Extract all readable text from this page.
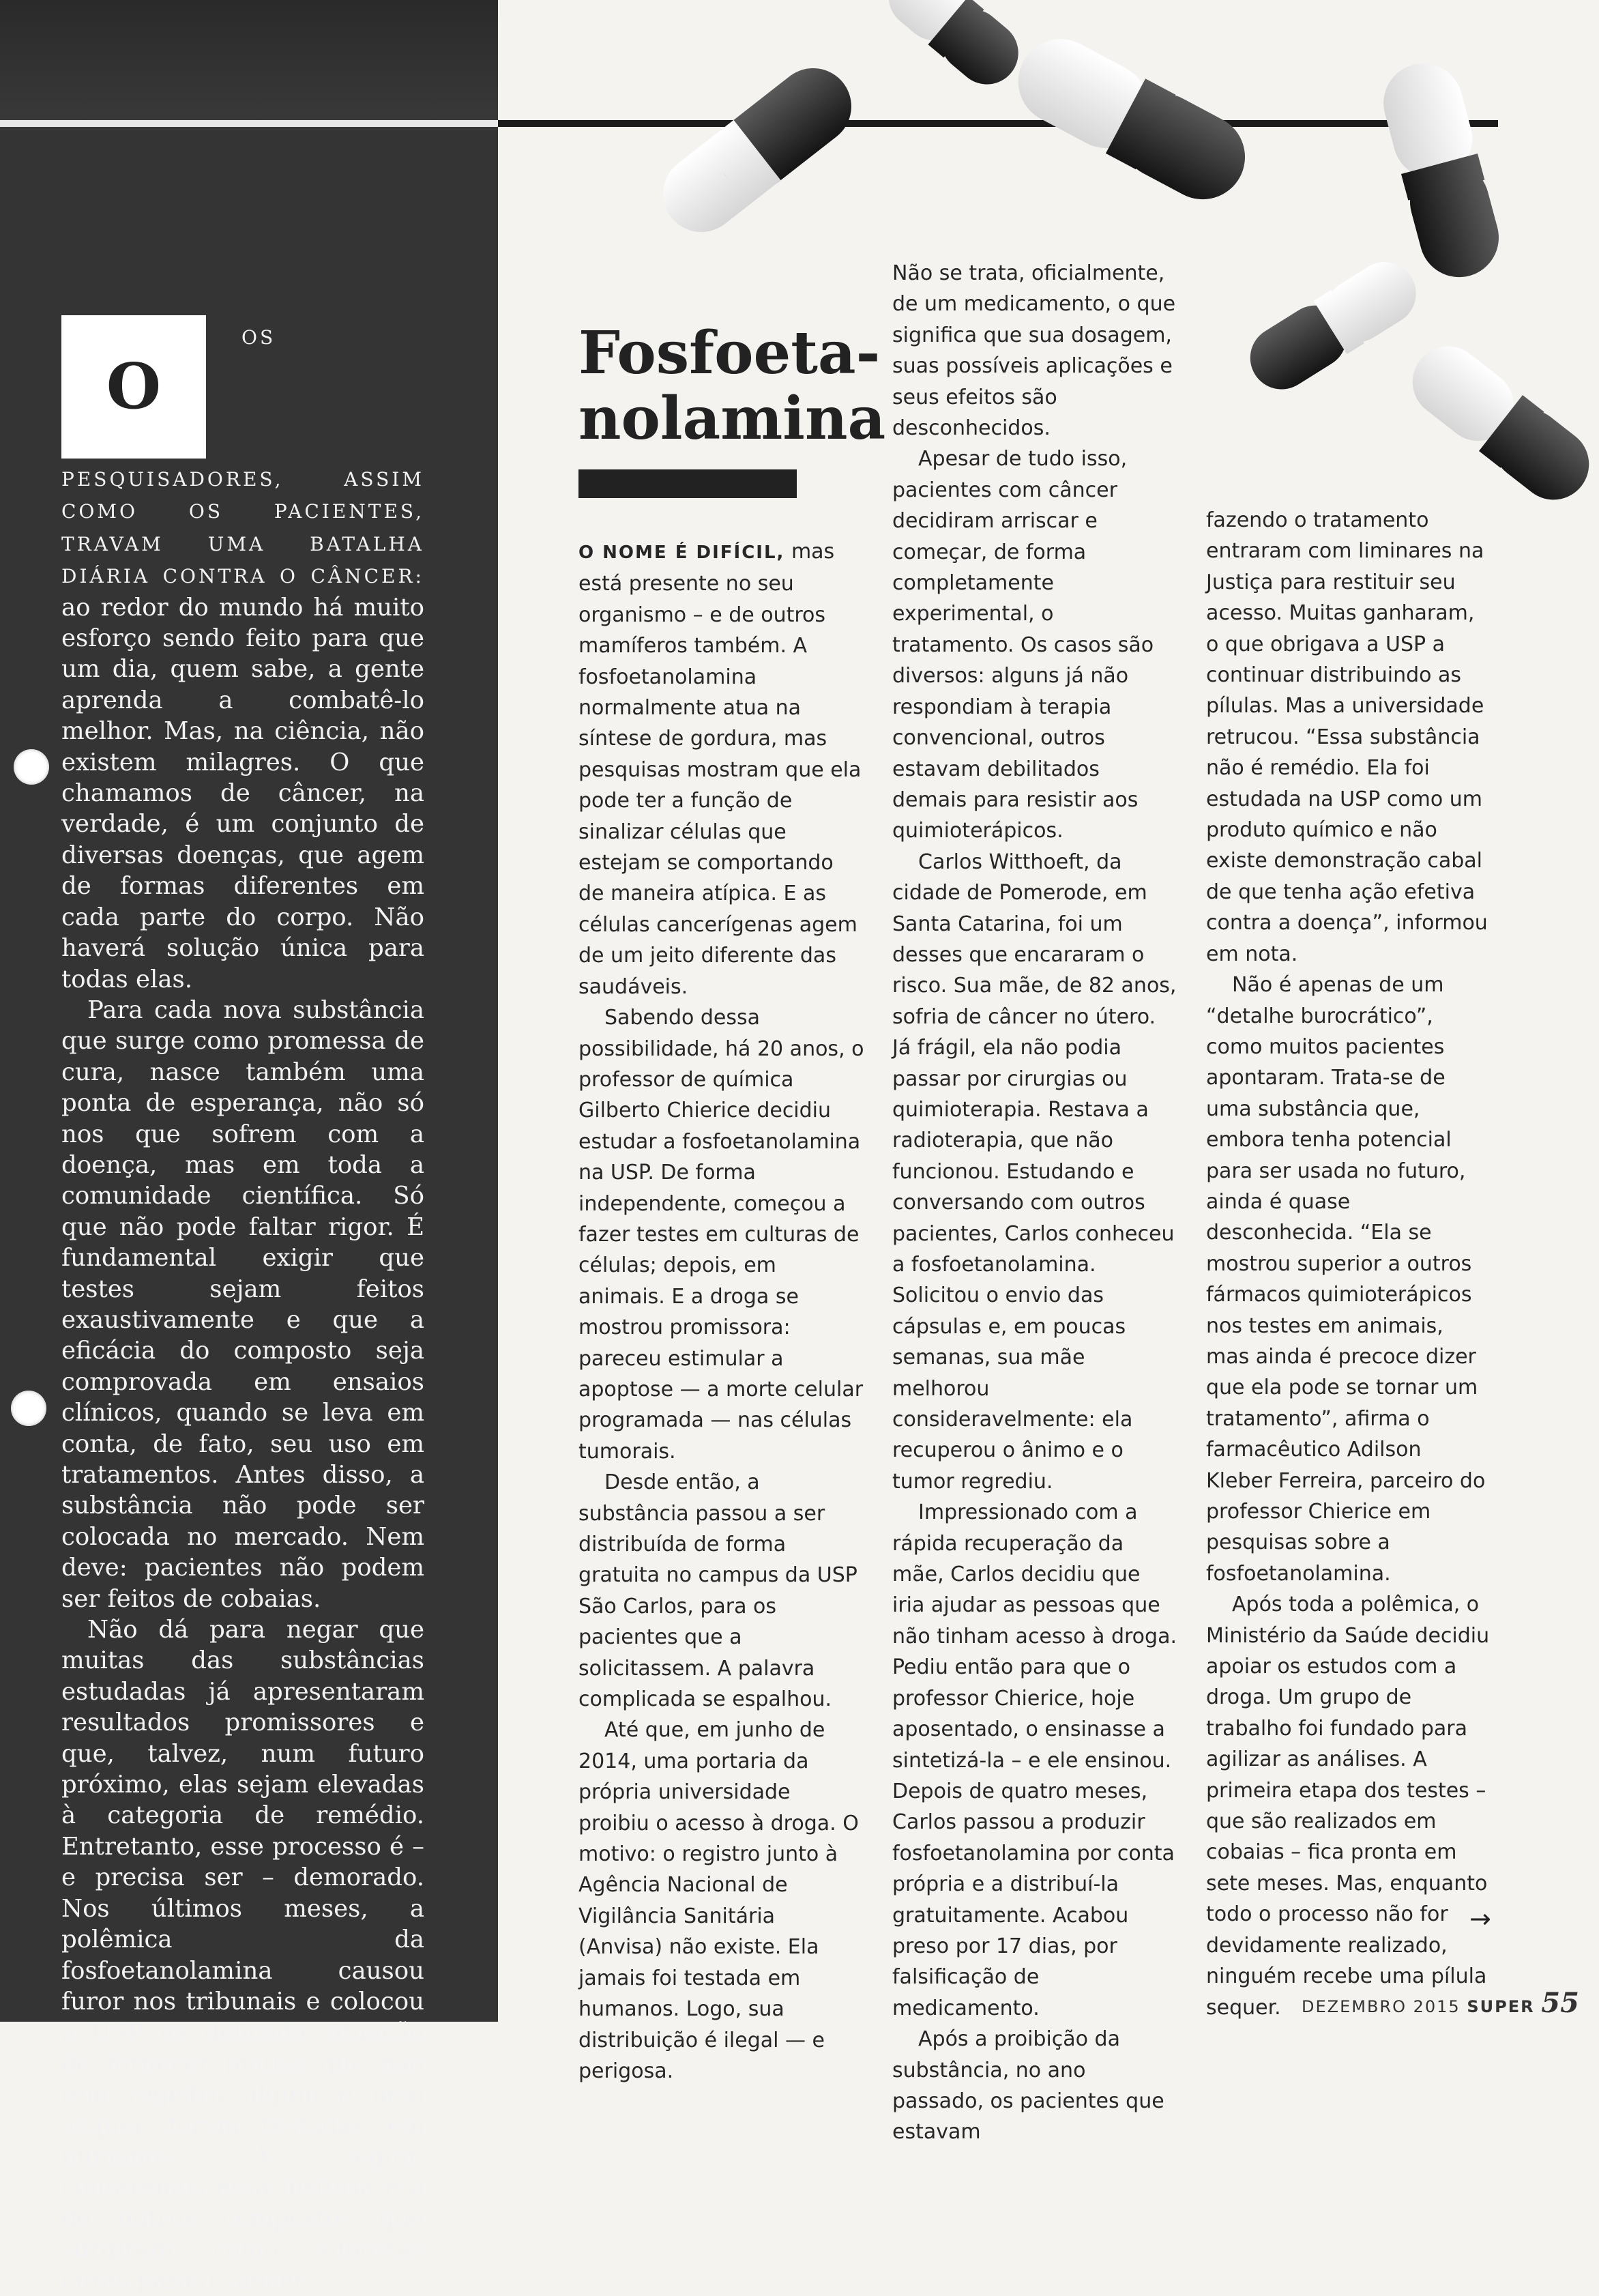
O

OS PESQUISADORES, ASSIM COMO OS PACIENTES, TRAVAM UMA BATALHA DIÁRIA CONTRA O CÂNCER: ao redor do mundo há muito esforço sendo feito para que um dia, quem sabe, a gente aprenda a combatê-lo melhor. Mas, na ciência, não existem milagres. O que chamamos de câncer, na verdade, é um conjunto de diversas doenças, que agem de formas diferentes em cada parte do corpo. Não haverá solução única para todas elas.

Para cada nova substância que surge como promessa de cura, nasce também uma ponta de esperança, não só nos que sofrem com a doença, mas em toda a comunidade científica. Só que não pode faltar rigor. É fundamental exigir que testes sejam feitos exaustivamente e que a eficácia do composto seja comprovada em ensaios clínicos, quando se leva em conta, de fato, seu uso em tratamentos. Antes disso, a substância não pode ser colocada no mercado. Nem deve: pacientes não podem ser feitos de cobaias.

Não dá para negar que muitas das substâncias estudadas já apresentaram resultados promissores e que, talvez, num futuro próximo, elas sejam elevadas à categoria de remédio. Entretanto, esse processo é – e precisa ser – demorado. Nos últimos meses, a polêmica da fosfoetanolamina causou furor nos tribunais e colocou a USP na delicada situação de fornecer pílulas que não têm registro algum e nem sequer foram testadas em humanos. A seguir, contaremos essa história e a de outros compostos que surgiram como supostas curas para o câncer.

Fosfoeta-
nolamina

O NOME É DIFÍCIL, mas está presente no seu organismo – e de outros mamíferos também. A fosfoetanolamina normalmente atua na síntese de gordura, mas pesquisas mostram que ela pode ter a função de sinalizar células que estejam se comportando de maneira atípica. E as células cancerígenas agem de um jeito diferente das saudáveis.

Sabendo dessa possibilidade, há 20 anos, o professor de química Gilberto Chierice decidiu estudar a fosfoetanolamina na USP. De forma independente, começou a fazer testes em culturas de células; depois, em animais. E a droga se mostrou promissora: pareceu estimular a apoptose — a morte celular programada — nas células tumorais.

Desde então, a substância passou a ser distribuída de forma gratuita no campus da USP São Carlos, para os pacientes que a solicitassem. A palavra complicada se espalhou.

Até que, em junho de 2014, uma portaria da própria universidade proibiu o acesso à droga. O motivo: o registro junto à Agência Nacional de Vigilância Sanitária (Anvisa) não existe. Ela jamais foi testada em humanos. Logo, sua distribuição é ilegal — e perigosa.

Não se trata, oficialmente, de um medicamento, o que significa que sua dosagem, suas possíveis aplicações e seus efeitos são desconhecidos.

Apesar de tudo isso, pacientes com câncer decidiram arriscar e começar, de forma completamente experimental, o tratamento. Os casos são diversos: alguns já não respondiam à terapia convencional, outros estavam debilitados demais para resistir aos quimioterápicos.

Carlos Witthoeft, da cidade de Pomerode, em Santa Catarina, foi um desses que encararam o risco. Sua mãe, de 82 anos, sofria de câncer no útero. Já frágil, ela não podia passar por cirurgias ou quimioterapia. Restava a radioterapia, que não funcionou. Estudando e conversando com outros pacientes, Carlos conheceu a fosfoetanolamina. Solicitou o envio das cápsulas e, em poucas semanas, sua mãe melhorou consideravelmente: ela recuperou o ânimo e o tumor regrediu.

Impressionado com a rápida recuperação da mãe, Carlos decidiu que iria ajudar as pessoas que não tinham acesso à droga. Pediu então para que o professor Chierice, hoje aposentado, o ensinasse a sintetizá-la – e ele ensinou. Depois de quatro meses, Carlos passou a produzir fosfoetanolamina por conta própria e a distribuí-la gratuitamente. Acabou preso por 17 dias, por falsificação de medicamento.

Após a proibição da substância, no ano passado, os pacientes que estavam

fazendo o tratamento entraram com liminares na Justiça para restituir seu acesso. Muitas ganharam, o que obrigava a USP a continuar distribuindo as pílulas. Mas a universidade retrucou. “Essa substância não é remédio. Ela foi estudada na USP como um produto químico e não existe demonstração cabal de que tenha ação efetiva contra a doença”, informou em nota.

Não é apenas de um “detalhe burocrático”, como muitos pacientes apontaram. Trata-se de uma substância que, embora tenha potencial para ser usada no futuro, ainda é quase desconhecida. “Ela se mostrou superior a outros fármacos quimioterápicos nos testes em animais, mas ainda é precoce dizer que ela pode se tornar um tratamento”, afirma o farmacêutico Adilson Kleber Ferreira, parceiro do professor Chierice em pesquisas sobre a fosfoetanolamina.

Após toda a polêmica, o Ministério da Saúde decidiu apoiar os estudos com a droga. Um grupo de trabalho foi fundado para agilizar as análises. A primeira etapa dos testes – que são realizados em cobaias – fica pronta em sete meses. Mas, enquanto todo o processo não for devidamente realizado, ninguém recebe uma pílula sequer.

→
DEZEMBRO 2015 SUPER 55
